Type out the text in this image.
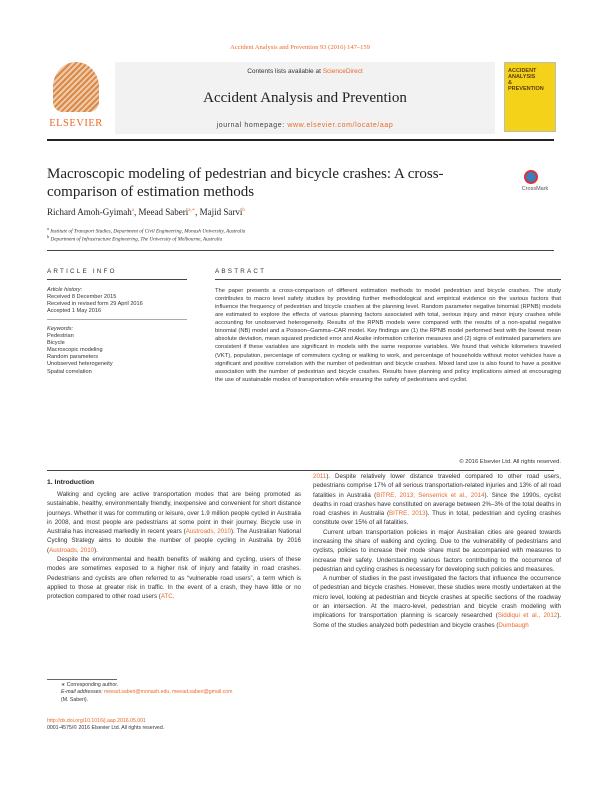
Accident Analysis and Prevention 93 (2016) 147–159
ELSEVIER
Contents lists available at ScienceDirect
Accident Analysis and Prevention
journal homepage: www.elsevier.com/locate/aap
ACCIDENT
ANALYSIS
&
PREVENTION
Macroscopic modeling of pedestrian and bicycle crashes: A cross-comparison of estimation methods	CrossMark
Richard Amoh-Gyimah$^a$, Meead Saberi$^{a,∗}$, Majid Sarvi$^b$
$^a$ Institute of Transport Studies, Department of Civil Engineering, Monash University, Australia
$^b$ Department of Infrastructure Engineering, The University of Melbourne, Australia
ARTICLE INFO	ABSTRACT
Article history:
Received 8 December 2015
Received in revised form 29 April 2016
Accepted 1 May 2016
Keywords:
Pedestrian
Bicycle
Macroscopic modeling
Random parameters
Unobserved heterogeneity
Spatial correlation
The paper presents a cross-comparison of different estimation methods to model pedestrian and bicycle crashes. The study contributes to macro level safety studies by providing further methodological and empirical evidence on the various factors that influence the frequency of pedestrian and bicycle crashes at the planning level. Random parameter negative binomial (RPNB) models are estimated to explore the effects of various planning factors associated with total, serious injury and minor injury crashes while accounting for unobserved heterogeneity. Results of the RPNB models were compared with the results of a non-spatial negative binomial (NB) model and a Poisson–Gamma–CAR model. Key findings are (1) the RPNB model performed best with the lowest mean absolute deviation, mean squared predicted error and Akaike information criterion measures and (2) signs of estimated parameters are consistent if these variables are significant in models with the same response variables. We found that vehicle kilometers traveled (VKT), population, percentage of commuters cycling or walking to work, and percentage of households without motor vehicles have a significant and positive correlation with the number of pedestrian and bicycle crashes. Mixed land use is also found to have a positive association with the number of pedestrian and bicycle crashes. Results have planning and policy implications aimed at encouraging the use of sustainable modes of transportation while ensuring the safety of pedestrians and cyclist.
© 2016 Elsevier Ltd. All rights reserved.
1. Introduction

Walking and cycling are active transportation modes that are being promoted as sustainable, healthy, environmentally friendly, inexpensive and convenient for short distance journeys. Whether it was for commuting or leisure, over 1.9 million people cycled in Australia in 2008, and most people are pedestrians at some point in their journey. Bicycle use in Australia has increased markedly in recent years (Austroads, 2010). The Australian National Cycling Strategy aims to double the number of people cycling in Australia by 2016 (Austroads, 2010).

Despite the environmental and health benefits of walking and cycling, users of these modes are sometimes exposed to a higher risk of injury and fatality in road crashes. Pedestrians and cyclists are often referred to as “vulnerable road users”, a term which is applied to those at greater risk in traffic. In the event of a crash, they have little or no protection compared to other road users (ATC,

2011). Despite relatively lower distance traveled compared to other road users, pedestrians comprise 17% of all serious transportation-related injuries and 13% of all road fatalities in Australia (BITRE, 2013; Senserrick et al., 2014). Since the 1990s, cyclist deaths in road crashes have constituted on average between 2%–3% of the total deaths in road crashes in Australia (BITRE, 2013). Thus in total, pedestrian and cycling crashes constitute over 15% of all fatalities.

Current urban transportation policies in major Australian cities are geared towards increasing the share of walking and cycling. Due to the vulnerability of pedestrians and cyclists, policies to increase their mode share must be accompanied with measures to increase their safety. Understanding various factors contributing to the occurrence of pedestrian and cycling crashes is necessary for developing such policies and measures.

A number of studies in the past investigated the factors that influence the occurrence of pedestrian and bicycle crashes. However, these studies were mostly undertaken at the micro level, looking at pedestrian and bicycle crashes at specific sections of the roadway or an intersection. At the macro-level, pedestrian and bicycle crash modeling with implications for transportation planning is scarcely researched (Siddiqui et al., 2012). Some of the studies analyzed both pedestrian and bicycle crashes (Dumbaugh

∗ Corresponding author.
E-mail addresses: meead.saberi@monash.edu, meead.saberi@gmail.com
(M. Saberi).
http://dx.doi.org/10.1016/j.aap.2016.05.001
0001-4575/© 2016 Elsevier Ltd. All rights reserved.
